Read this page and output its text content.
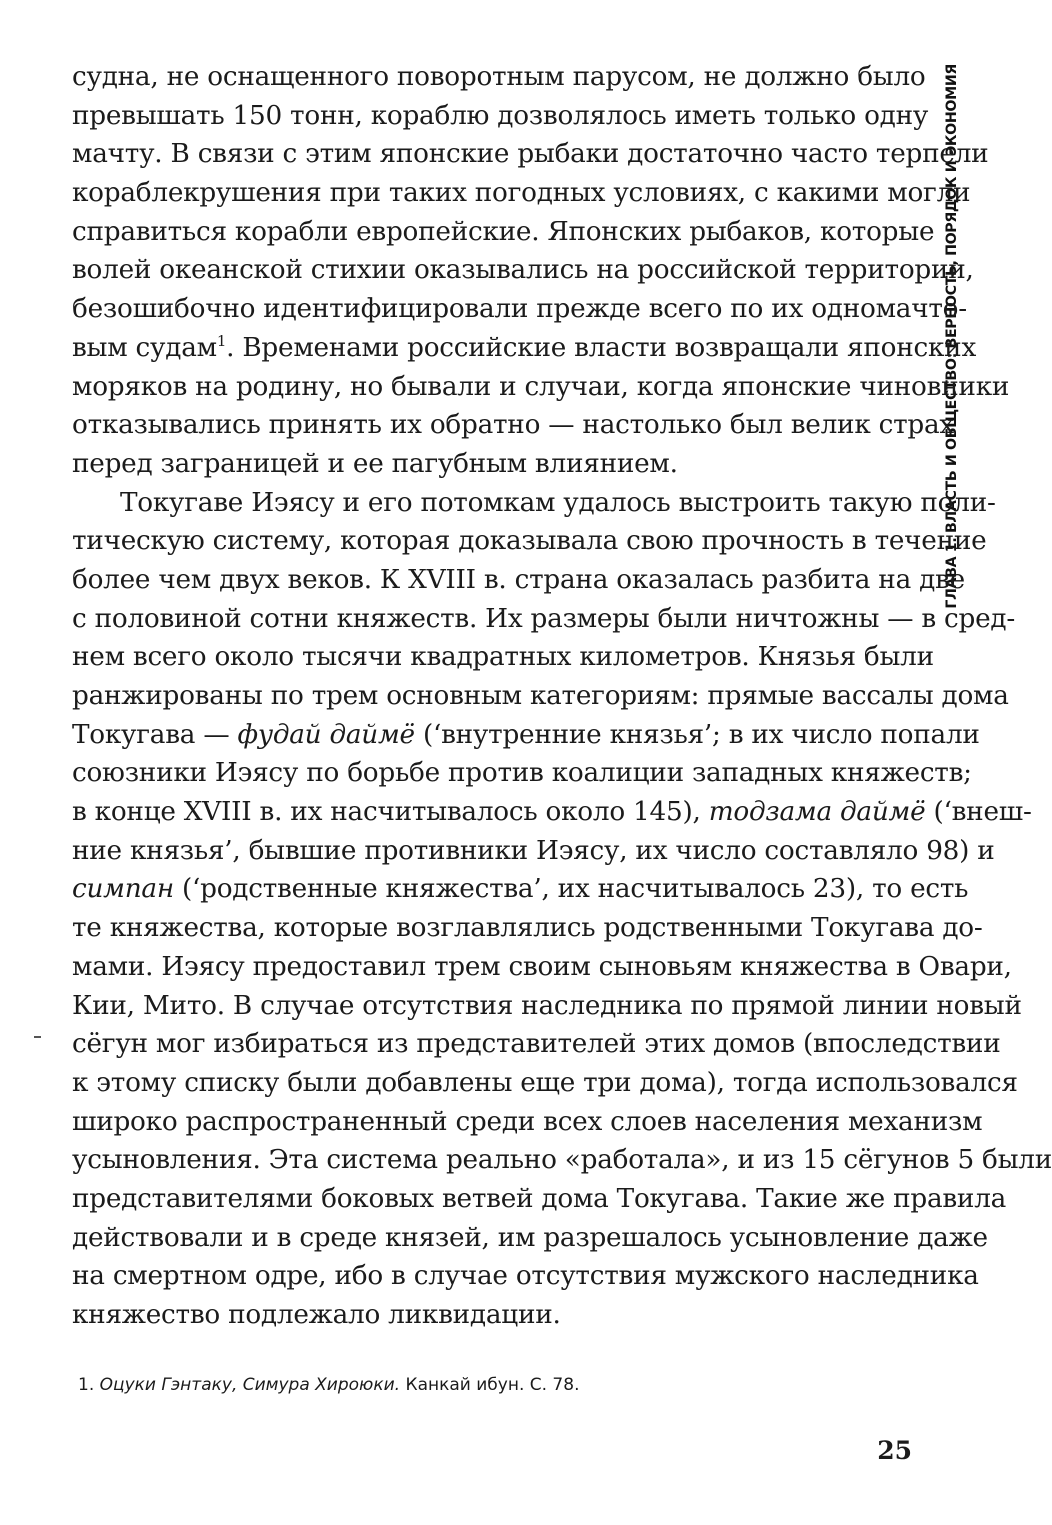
ГЛАВА 1. ВЛАСТЬ И ОБЩЕСТВО: ВЕРНОСТЬ, ПОРЯДОК И ЭКОНОМИЯ
судна, не оснащенного поворотным парусом, не должно было
превышать 150 тонн, кораблю дозволялось иметь только одну
мачту. В связи с этим японские рыбаки достаточно часто терпели
кораблекрушения при таких погодных условиях, с какими могли
справиться корабли европейские. Японских рыбаков, которые
волей океанской стихии оказывались на российской территории,
безошибочно идентифицировали прежде всего по их одномачто-
вым судам$^1$. Временами российские власти возвращали японских
моряков на родину, но бывали и случаи, когда японские чиновники
отказывались принять их обратно — настолько был велик страх
перед заграницей и ее пагубным влиянием.
Токугаве Иэясу и его потомкам удалось выстроить такую поли-
тическую систему, которая доказывала свою прочность в течение
более чем двух веков. К XVIII в. страна оказалась разбита на две
с половиной сотни княжеств. Их размеры были ничтожны — в сред-
нем всего около тысячи квадратных километров. Князья были
ранжированы по трем основным категориям: прямые вассалы дома
Токугава — фудай даймё (‘внутренние князья’; в их число попали
союзники Иэясу по борьбе против коалиции западных княжеств;
в конце XVIII в. их насчитывалось около 145), тодзама даймё (‘внеш-
ние князья’, бывшие противники Иэясу, их число составляло 98) и
симпан (‘родственные княжества’, их насчитывалось 23), то есть
те княжества, которые возглавлялись родственными Токугава до-
мами. Иэясу предоставил трем своим сыновьям княжества в Овари,
Кии, Мито. В случае отсутствия наследника по прямой линии новый
сёгун мог избираться из представителей этих домов (впоследствии
к этому списку были добавлены еще три дома), тогда использовался
широко распространенный среди всех слоев населения механизм
усыновления. Эта система реально «работала», и из 15 сёгунов 5 были
представителями боковых ветвей дома Токугава. Такие же правила
действовали и в среде князей, им разрешалось усыновление даже
на смертном одре, ибо в случае отсутствия мужского наследника
княжество подлежало ликвидации.
1. Оцуки Гэнтаку, Симура Хироюки. Канкай ибун. С. 78.
25
